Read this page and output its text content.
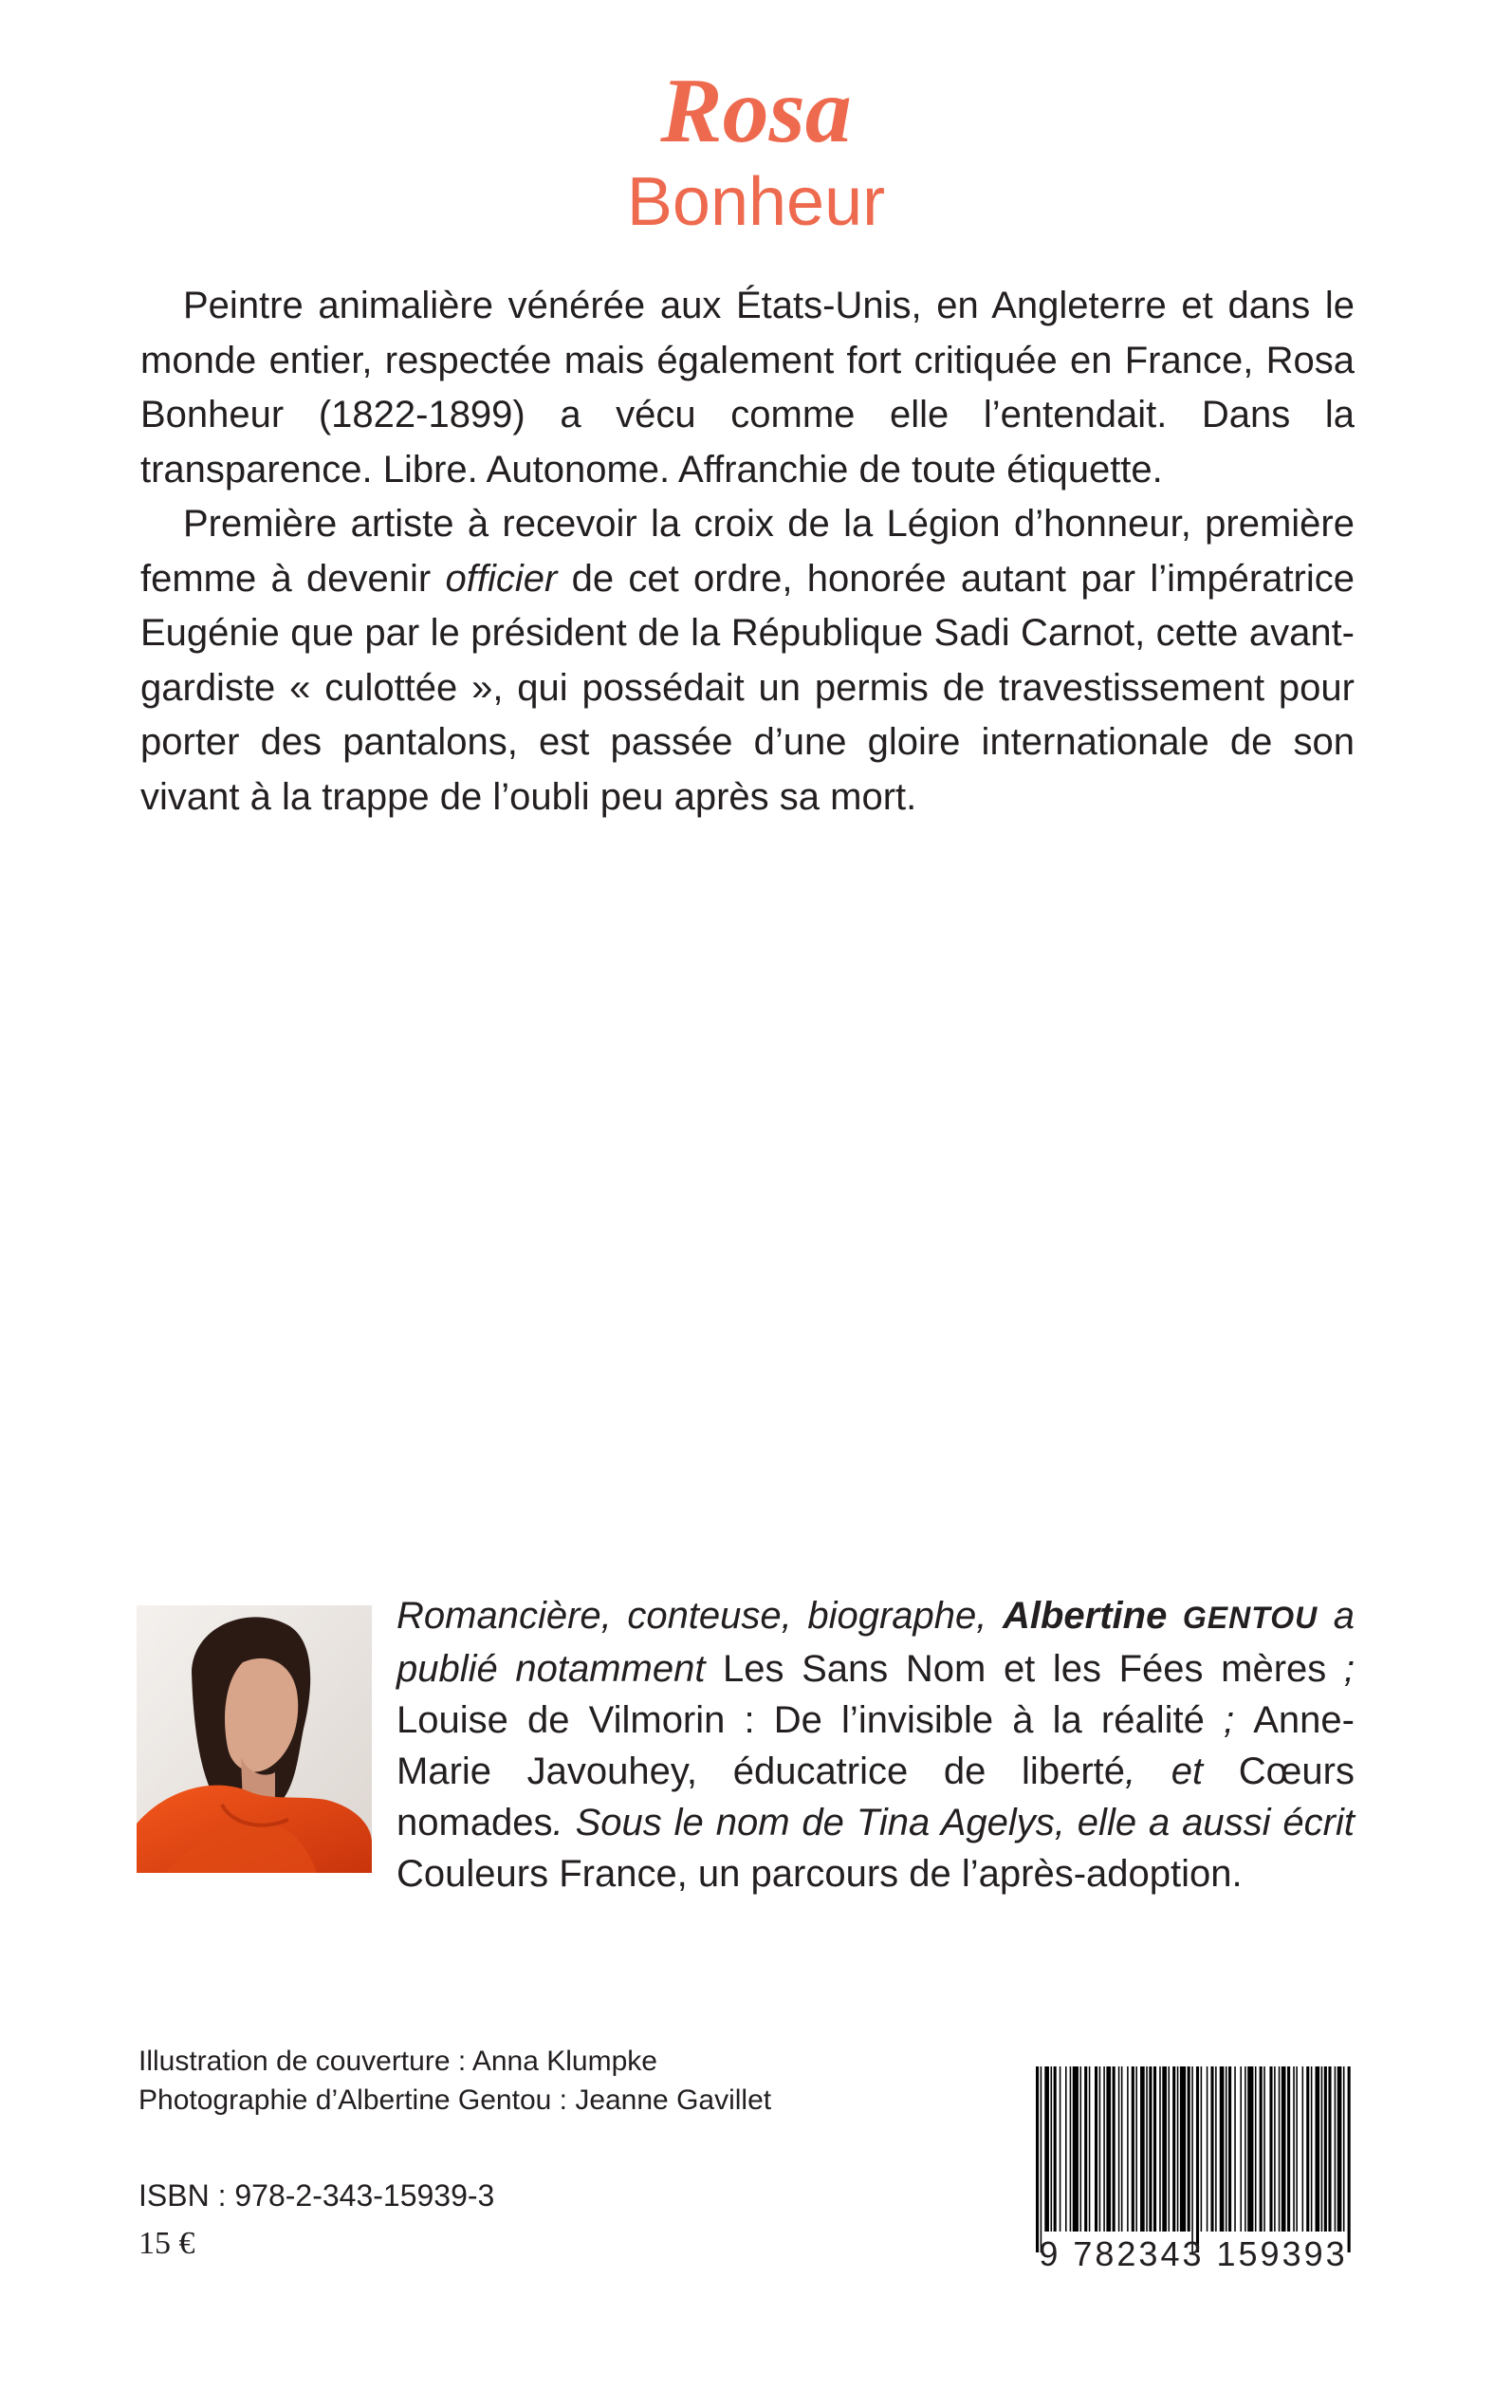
Rosa
Bonheur

Peintre animalière vénérée aux États-Unis, en Angleterre et dans le monde entier, respectée mais également fort critiquée en France, Rosa Bonheur (1822-1899) a vécu comme elle l’entendait. Dans la transparence. Libre. Autonome. Affranchie de toute étiquette.

Première artiste à recevoir la croix de la Légion d’honneur, première femme à devenir officier de cet ordre, honorée autant par l’impératrice Eugénie que par le président de la République Sadi Carnot, cette avant-gardiste « culottée », qui possédait un permis de travestissement pour porter des pantalons, est passée d’une gloire internationale de son vivant à la trappe de l’oubli peu après sa mort.

Romancière, conteuse, biographe, Albertine GENTOU a publié notamment Les Sans Nom et les Fées mères ; Louise de Vilmorin : De l’invisible à la réalité ; Anne-Marie Javouhey, éducatrice de liberté, et Cœurs nomades. Sous le nom de Tina Agelys, elle a aussi écrit Couleurs France, un parcours de l’après-adoption.
Illustration de couverture : Anna Klumpke
Photographie d’Albertine Gentou : Jeanne Gavillet
ISBN : 978-2-343-15939-3
15 €	9 782343 159393
